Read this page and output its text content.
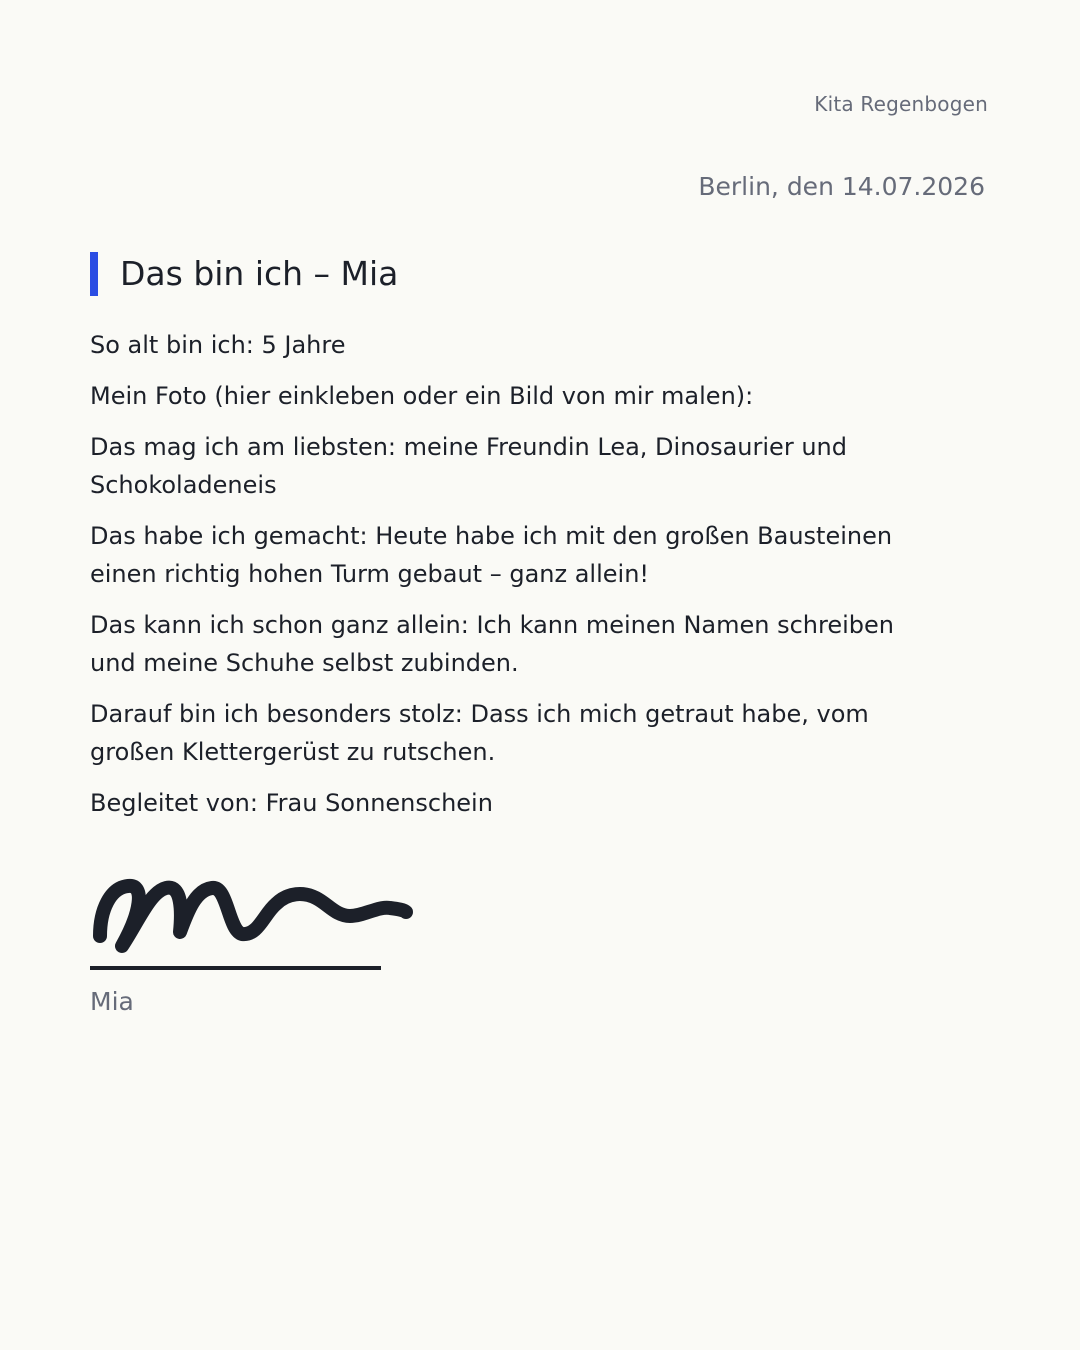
Kita Regenbogen
Berlin, den 14.07.2026
Das bin ich – Mia

So alt bin ich: 5 Jahre

Mein Foto (hier einkleben oder ein Bild von mir malen):

Das mag ich am liebsten: meine Freundin Lea, Dinosaurier und Schokoladeneis

Das habe ich gemacht: Heute habe ich mit den großen Bausteinen einen richtig hohen Turm gebaut – ganz allein!

Das kann ich schon ganz allein: Ich kann meinen Namen schreiben und meine Schuhe selbst zubinden.

Darauf bin ich besonders stolz: Dass ich mich getraut habe, vom großen Klettergerüst zu rutschen.

Begleitet von: Frau Sonnenschein

Mia
